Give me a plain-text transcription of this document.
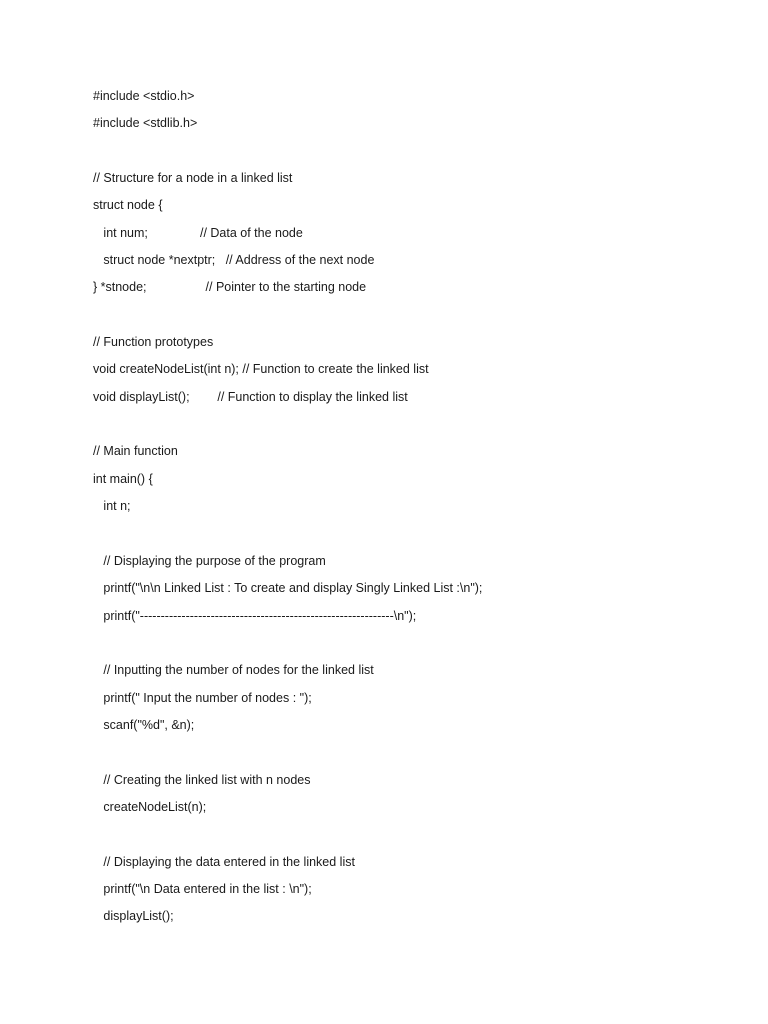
#include <stdio.h>
#include <stdlib.h>
// Structure for a node in a linked list
struct node {
int num;               // Data of the node
struct node *nextptr;   // Address of the next node
} *stnode;                 // Pointer to the starting node
// Function prototypes
void createNodeList(int n); // Function to create the linked list
void displayList();        // Function to display the linked list
// Main function
int main() {
int n;
// Displaying the purpose of the program
printf("\n\n Linked List : To create and display Singly Linked List :\n");
printf("-------------------------------------------------------------\n");
// Inputting the number of nodes for the linked list
printf(" Input the number of nodes : ");
scanf("%d", &n);
// Creating the linked list with n nodes
createNodeList(n);
// Displaying the data entered in the linked list
printf("\n Data entered in the list : \n");
displayList();
